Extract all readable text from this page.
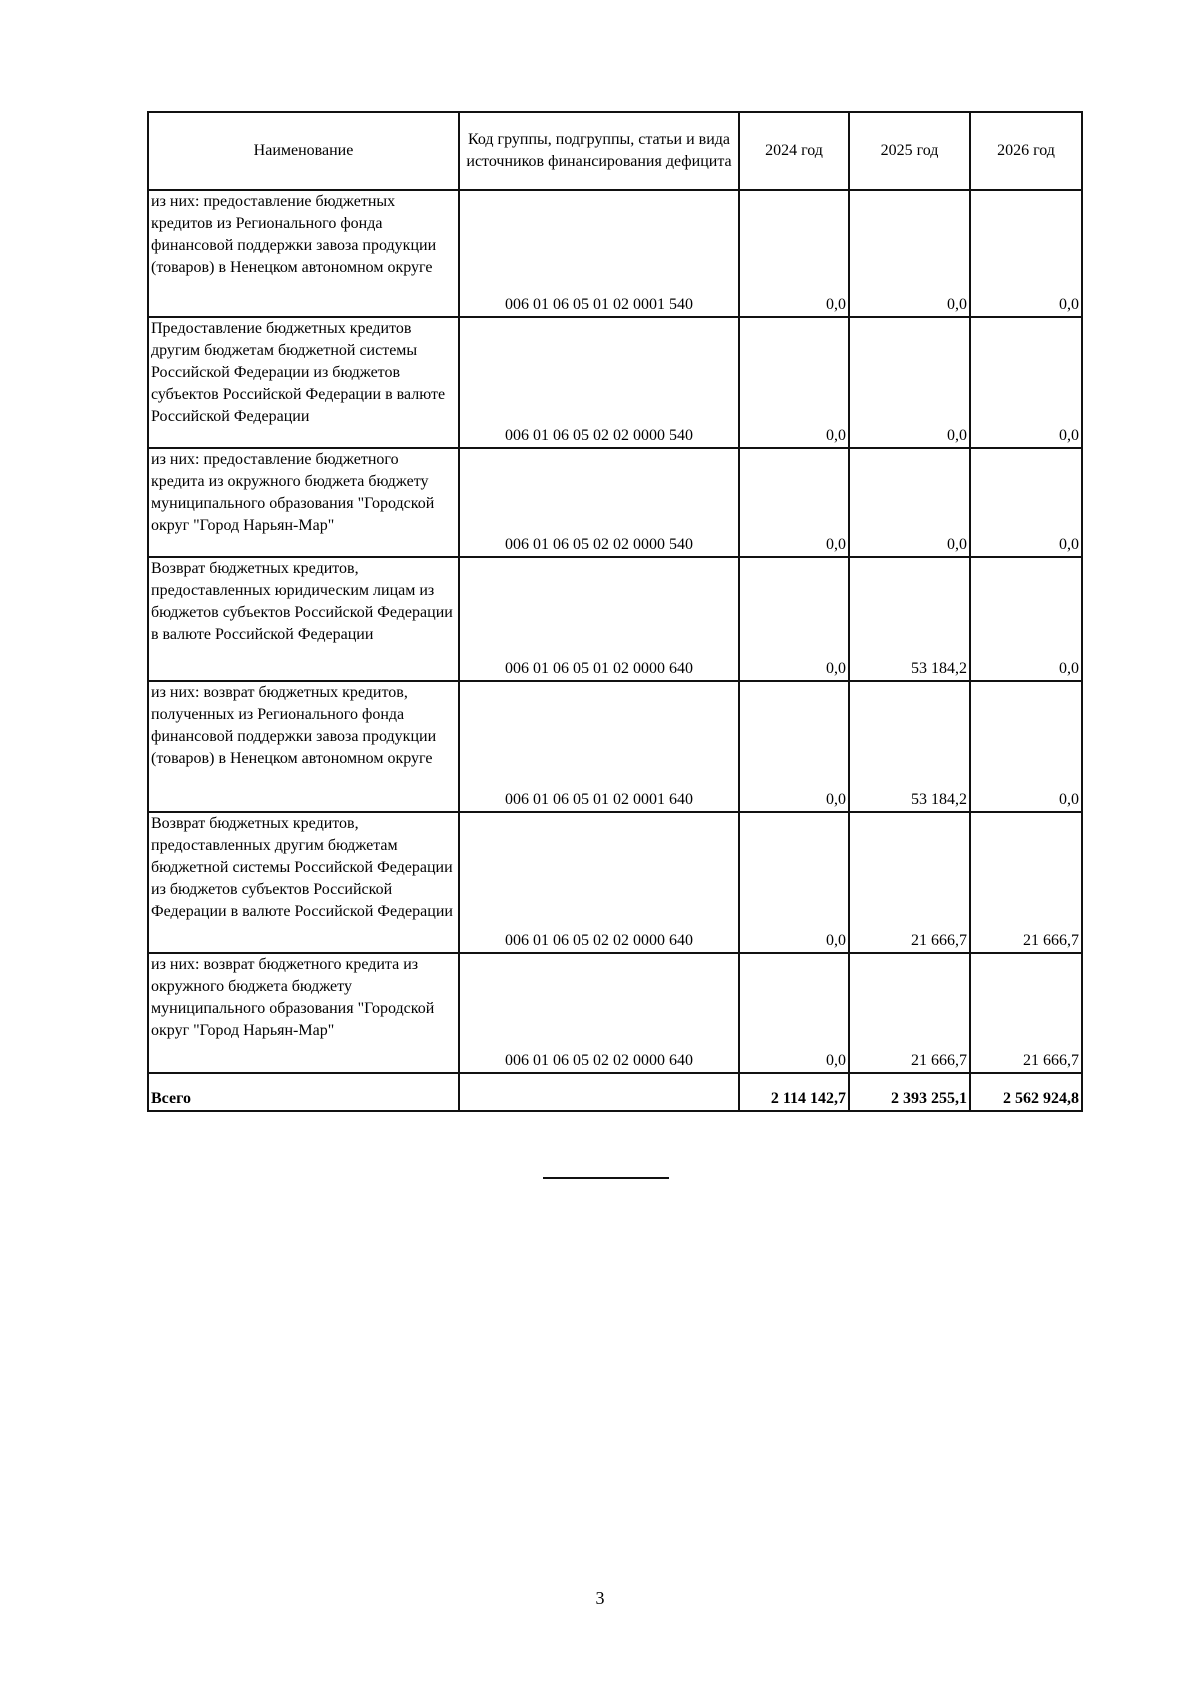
Наименование	Код группы, подгруппы, статьи и вида источников финансирования дефицита	2024 год	2025 год	2026 год
из них: предоставление бюджетных кредитов из Регионального фонда финансовой поддержки завоза продукции (товаров) в Ненецком автономном округе	006 01 06 05 01 02 0001 540	0,0	0,0	0,0
Предоставление бюджетных кредитов другим бюджетам бюджетной системы Российской Федерации из бюджетов субъектов Российской Федерации в валюте Российской Федерации	006 01 06 05 02 02 0000 540	0,0	0,0	0,0
из них: предоставление бюджетного кредита из окружного бюджета бюджету муниципального образования "Городской округ "Город Нарьян-Мар"	006 01 06 05 02 02 0000 540	0,0	0,0	0,0
Возврат бюджетных кредитов, предоставленных юридическим лицам из бюджетов субъектов Российской Федерации в валюте Российской Федерации	006 01 06 05 01 02 0000 640	0,0	53 184,2	0,0
из них: возврат бюджетных кредитов, полученных из Регионального фонда финансовой поддержки завоза продукции (товаров) в Ненецком автономном округе	006 01 06 05 01 02 0001 640	0,0	53 184,2	0,0
Возврат бюджетных кредитов, предоставленных другим бюджетам бюджетной системы Российской Федерации из бюджетов субъектов Российской Федерации в валюте Российской Федерации	006 01 06 05 02 02 0000 640	0,0	21 666,7	21 666,7
из них: возврат бюджетного кредита из окружного бюджета бюджету муниципального образования "Городской округ "Город Нарьян-Мар"	006 01 06 05 02 02 0000 640	0,0	21 666,7	21 666,7
Всего		2 114 142,7	2 393 255,1	2 562 924,8
3
